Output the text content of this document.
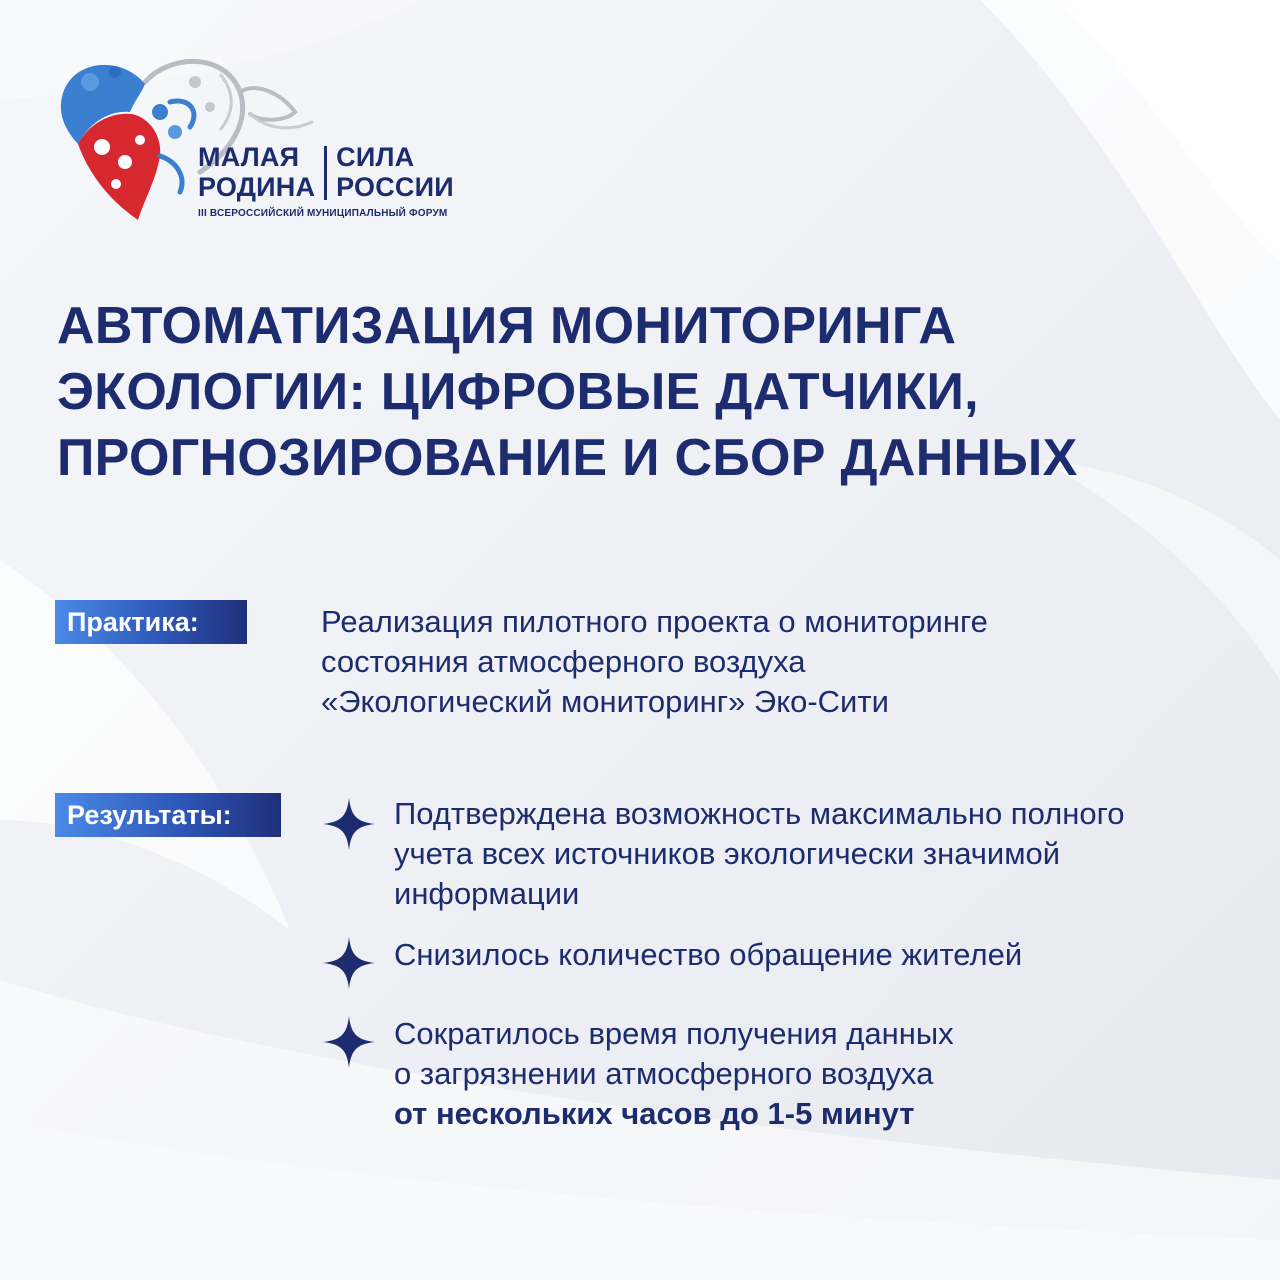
МАЛАЯ
РОДИНА
СИЛА
РОССИИ
III ВСЕРОССИЙСКИЙ МУНИЦИПАЛЬНЫЙ ФОРУМ
АВТОМАТИЗАЦИЯ МОНИТОРИНГА
ЭКОЛОГИИ: ЦИФРОВЫЕ ДАТЧИКИ,
ПРОГНОЗИРОВАНИЕ И СБОР ДАННЫХ
Практика:	Реализация пилотного проекта о мониторинге
состояния атмосферного воздуха
«Экологический мониторинг» Эко-Сити
Результаты:	Подтверждена возможность максимально полного
учета всех источников экологически значимой
информации
Снизилось количество обращение жителей
Сократилось время получения данных
о загрязнении атмосферного воздуха
от нескольких часов до 1-5 минут
